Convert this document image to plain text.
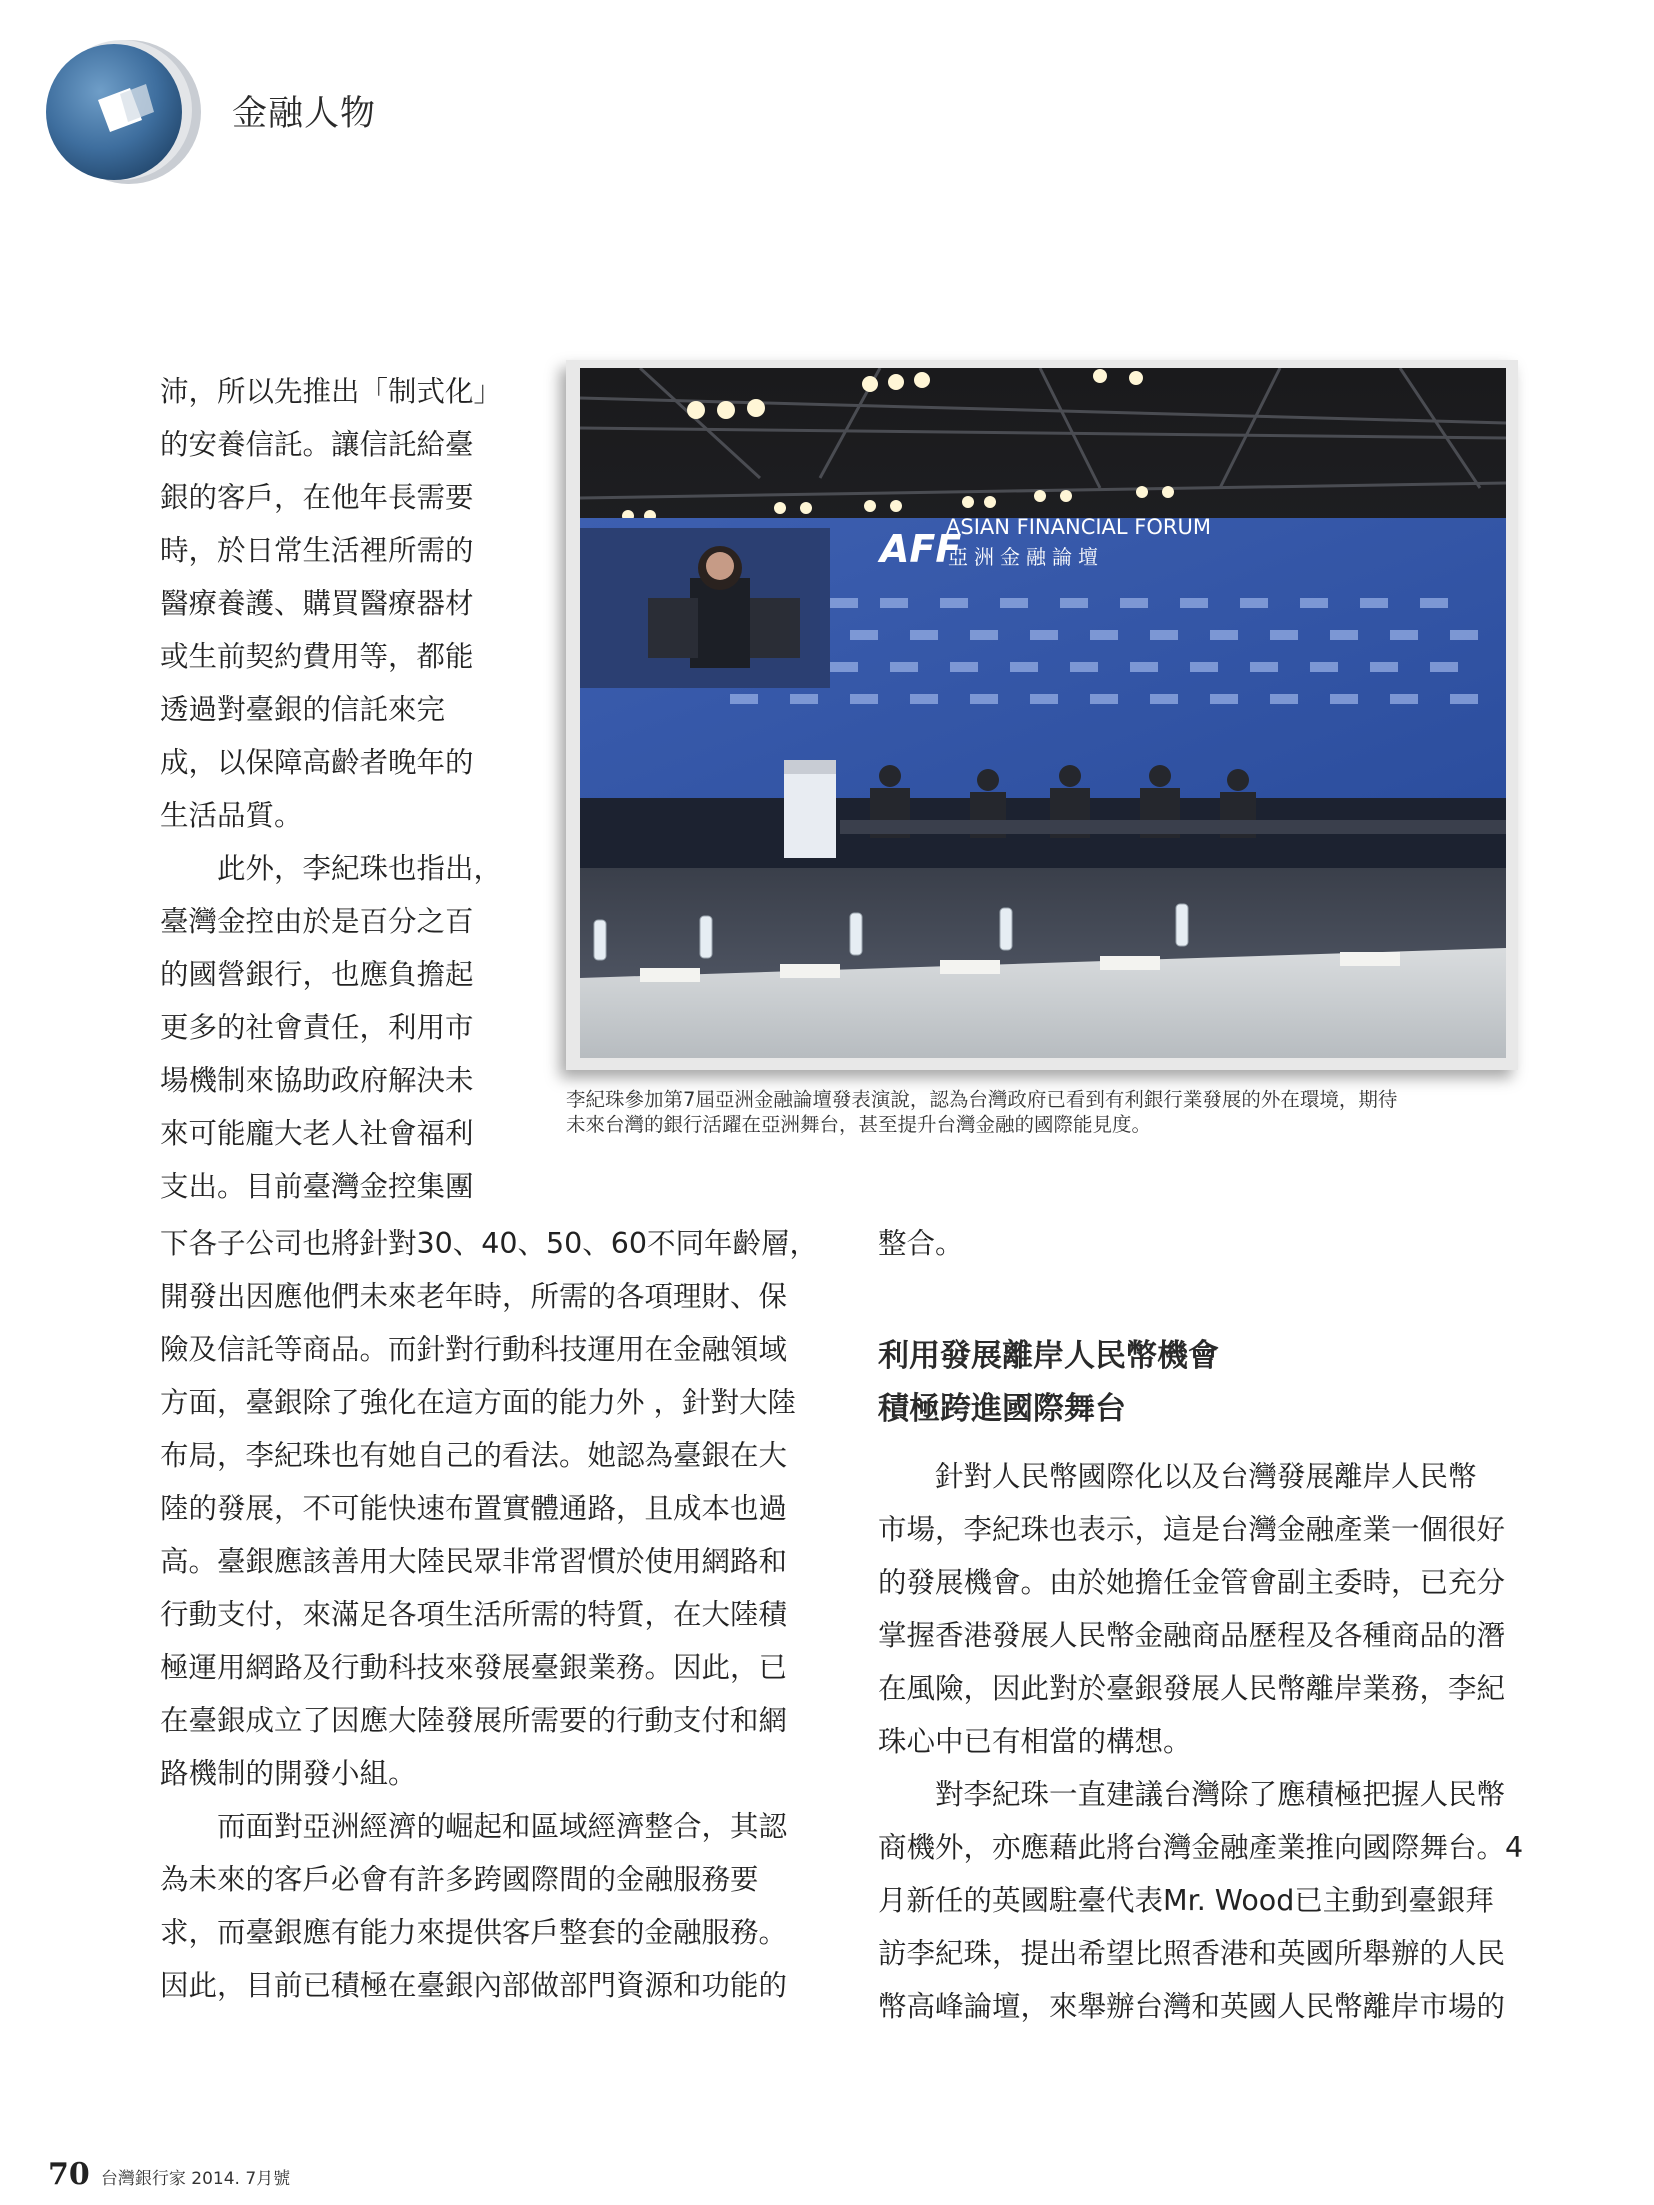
金融人物

沛，所以先推出「制式化」

的安養信託。讓信託給臺

銀的客戶，在他年長需要

時，於日常生活裡所需的

醫療養護、購買醫療器材

或生前契約費用等，都能

透過對臺銀的信託來完

成，以保障高齡者晚年的

生活品質。

此外，李紀珠也指出，

臺灣金控由於是百分之百

的國營銀行，也應負擔起

更多的社會責任，利用市

場機制來協助政府解決未

來可能龐大老人社會福利

支出。目前臺灣金控集團

AFF
ASIAN FINANCIAL FORUM
亞洲金融論壇
李紀珠參加第7屆亞洲金融論壇發表演說，認為台灣政府已看到有利銀行業發展的外在環境，期待
未來台灣的銀行活躍在亞洲舞台，甚至提升台灣金融的國際能見度。

下各子公司也將針對30、40、50、60不同年齡層，

開發出因應他們未來老年時，所需的各項理財、保

險及信託等商品。而針對行動科技運用在金融領域

方面，臺銀除了強化在這方面的能力外 ，針對大陸

布局，李紀珠也有她自己的看法。她認為臺銀在大

陸的發展，不可能快速布置實體通路，且成本也過

高。臺銀應該善用大陸民眾非常習慣於使用網路和

行動支付，來滿足各項生活所需的特質，在大陸積

極運用網路及行動科技來發展臺銀業務。因此，已

在臺銀成立了因應大陸發展所需要的行動支付和網

路機制的開發小組。

而面對亞洲經濟的崛起和區域經濟整合，其認

為未來的客戶必會有許多跨國際間的金融服務要

求，而臺銀應有能力來提供客戶整套的金融服務。

因此，目前已積極在臺銀內部做部門資源和功能的

整合。

利用發展離岸人民幣機會

積極跨進國際舞台

針對人民幣國際化以及台灣發展離岸人民幣

市場，李紀珠也表示，這是台灣金融產業一個很好

的發展機會。由於她擔任金管會副主委時，已充分

掌握香港發展人民幣金融商品歷程及各種商品的潛

在風險，因此對於臺銀發展人民幣離岸業務，李紀

珠心中已有相當的構想。

對李紀珠一直建議台灣除了應積極把握人民幣

商機外，亦應藉此將台灣金融產業推向國際舞台。4

月新任的英國駐臺代表Mr. Wood已主動到臺銀拜

訪李紀珠，提出希望比照香港和英國所舉辦的人民

幣高峰論壇，來舉辦台灣和英國人民幣離岸市場的

70 台灣銀行家 2014. 7月號
